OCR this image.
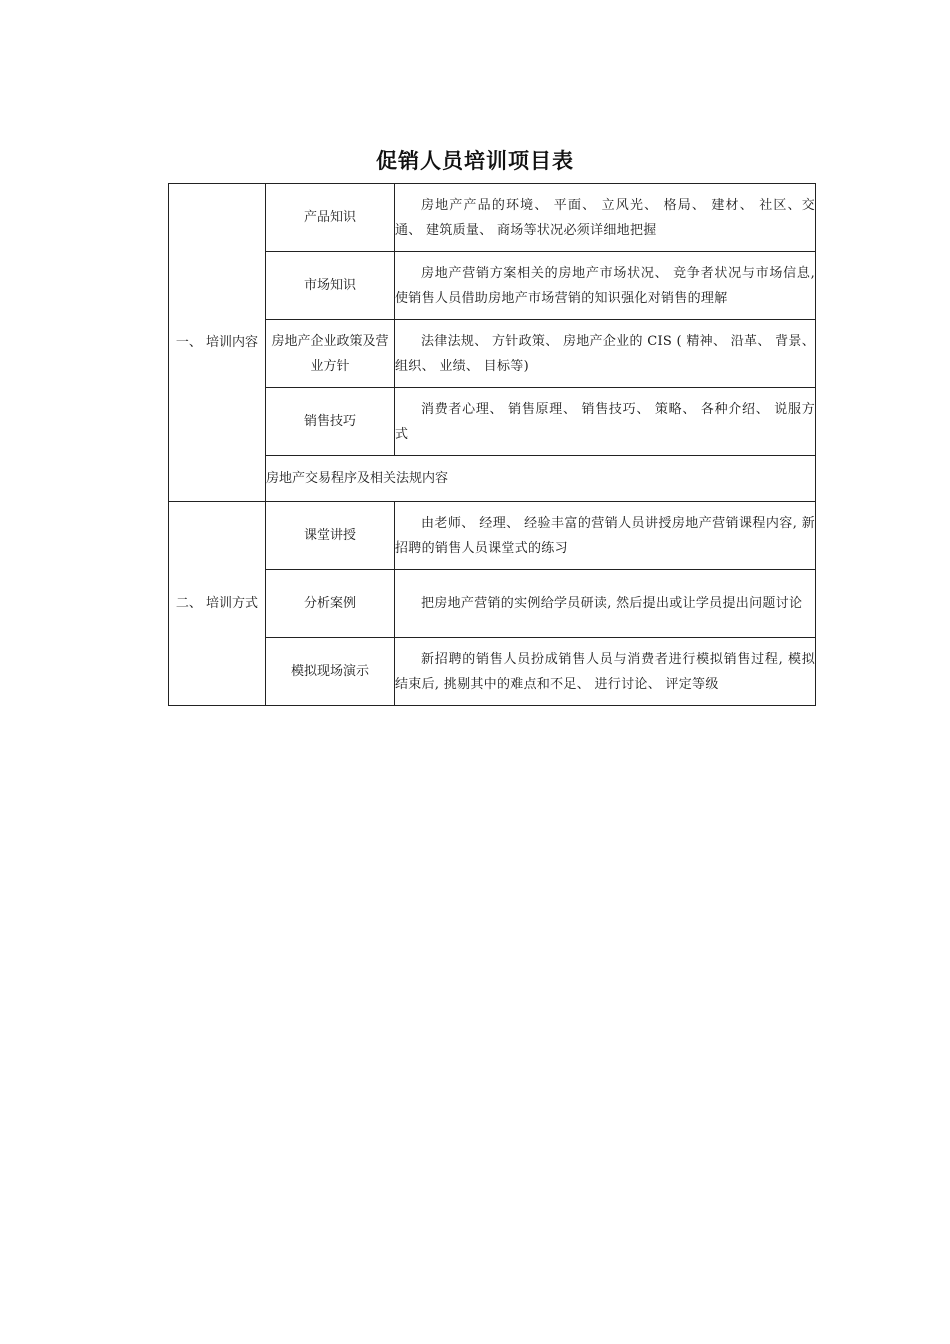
促销人员培训项目表
一、 培训内容	产品知识	房地产产品的环境、 平面、 立风光、 格局、 建材、 社区、交通、 建筑质量、 商场等状况必须详细地把握
	市场知识	房地产营销方案相关的房地产市场状况、 竞争者状况与市场信息, 使销售人员借助房地产市场营销的知识强化对销售的理解
	房地产企业政策及营业方针	法律法规、 方针政策、 房地产企业的 CIS ( 精神、 沿革、 背景、 组织、 业绩、 目标等)
	销售技巧	消费者心理、 销售原理、 销售技巧、 策略、 各种介绍、 说服方式
	房地产交易程序及相关法规内容	
二、 培训方式	课堂讲授	由老师、 经理、 经验丰富的营销人员讲授房地产营销课程内容, 新招聘的销售人员课堂式的练习
	分析案例	把房地产营销的实例给学员研读, 然后提出或让学员提出问题讨论
	模拟现场演示	新招聘的销售人员扮成销售人员与消费者进行模拟销售过程, 模拟结束后, 挑剔其中的难点和不足、 进行讨论、 评定等级
